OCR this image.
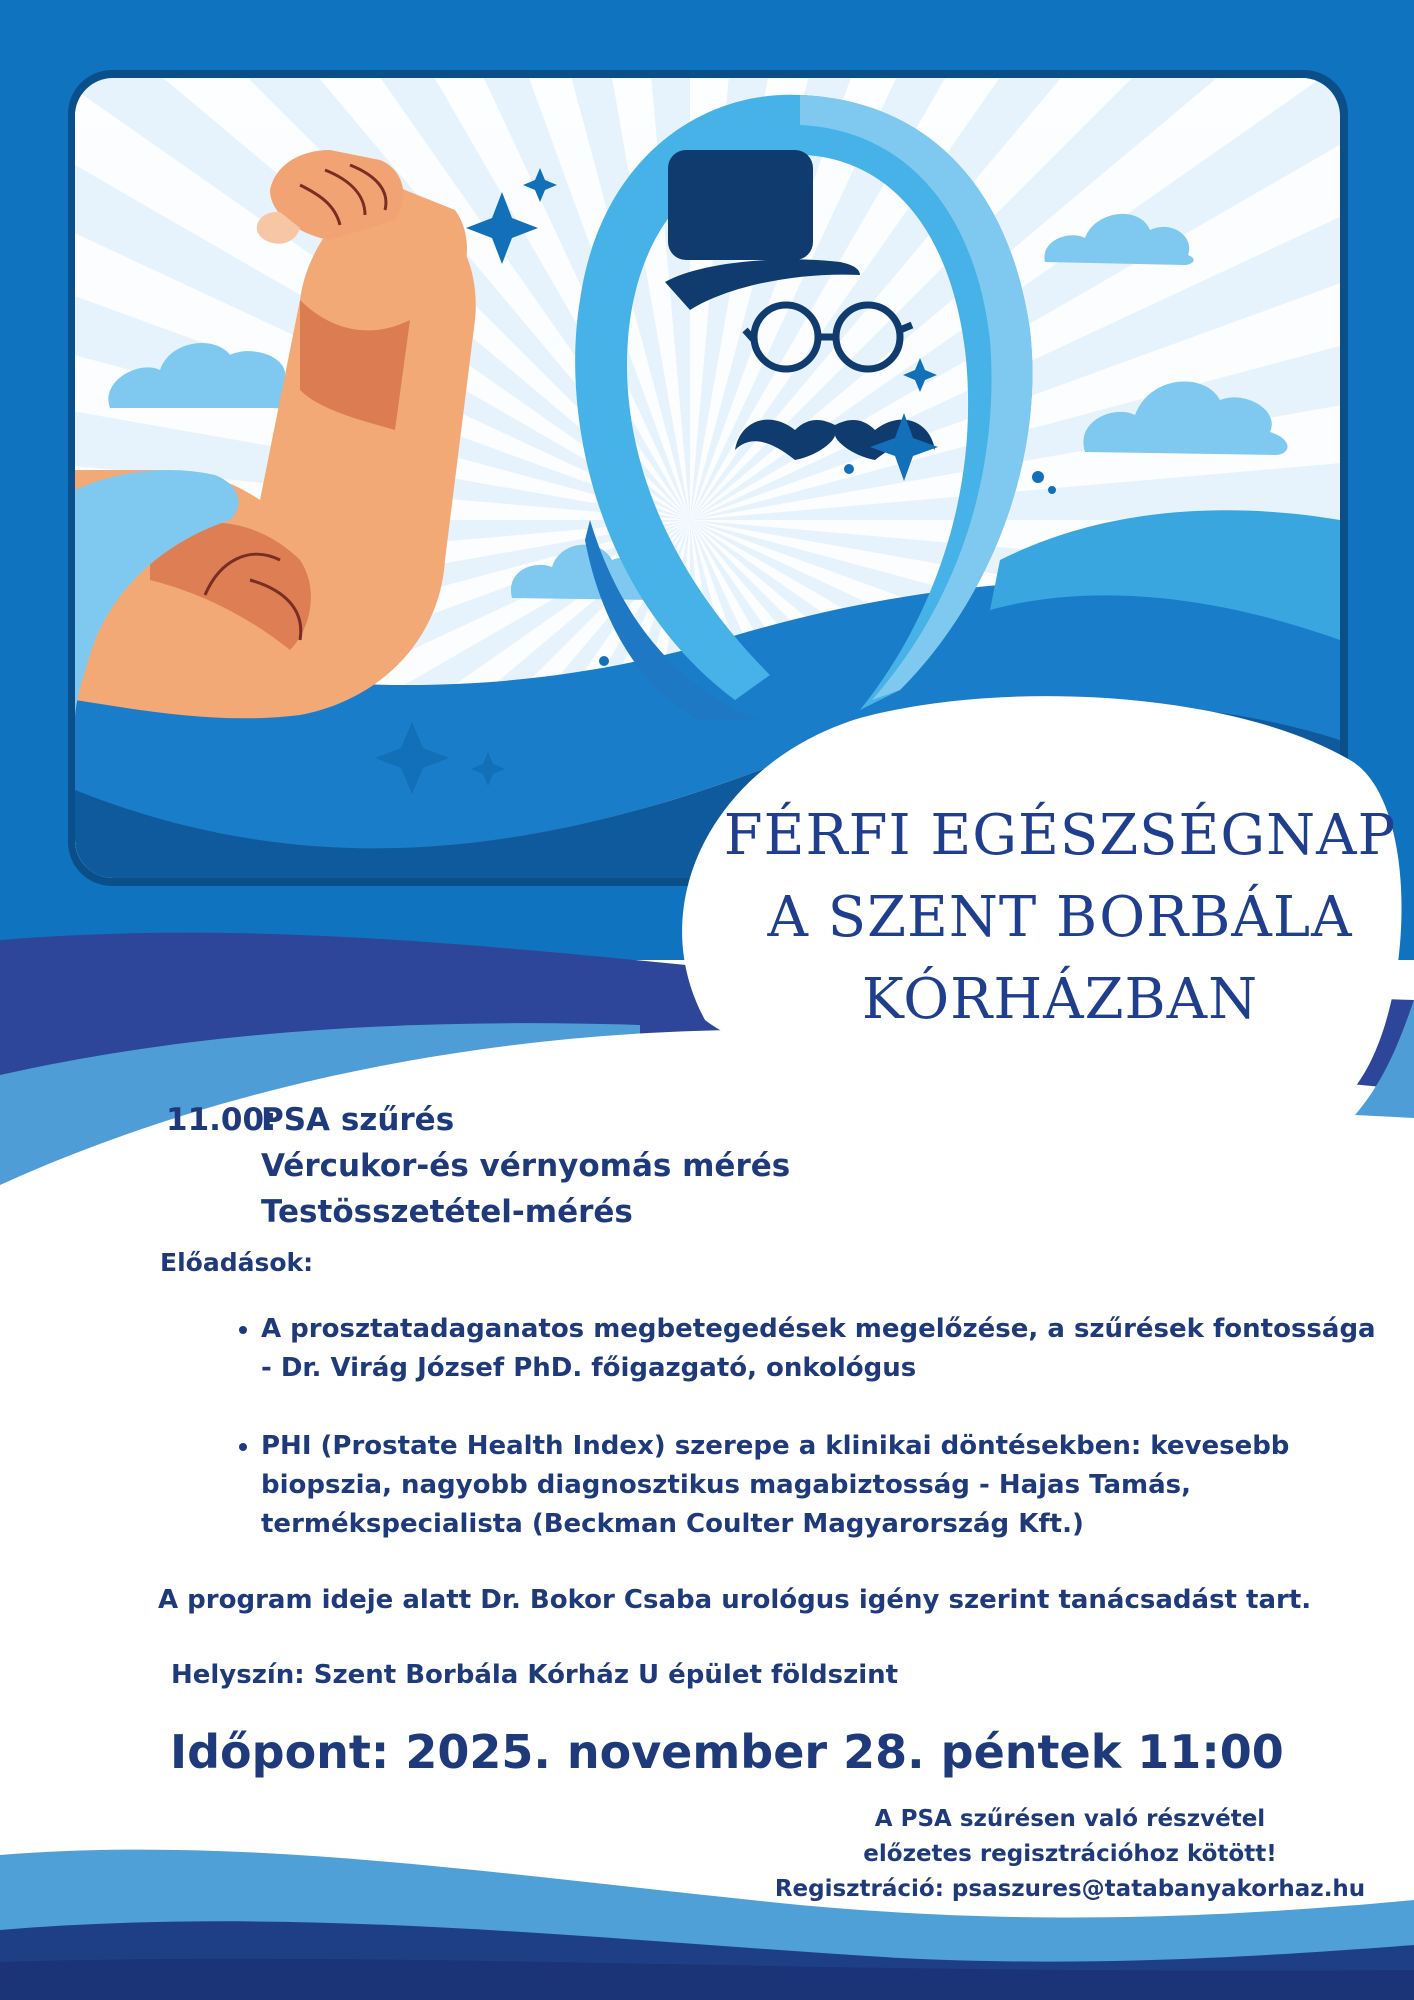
FÉRFI EGÉSZSÉGNAP
A SZENT BORBÁLA
KÓRHÁZBAN
11.00:
PSA szűrés
Vércukor-és vérnyomás mérés
Testösszetétel-mérés
Előadások:
• A prosztatadaganatos megbetegedések megelőzése, a szűrések fontossága - Dr. Virág József PhD. főigazgató, onkológus
• PHI (Prostate Health Index) szerepe a klinikai döntésekben: kevesebb biopszia, nagyobb diagnosztikus magabiztosság - Hajas Tamás, termékspecialista (Beckman Coulter Magyarország Kft.)
A program ideje alatt Dr. Bokor Csaba urológus igény szerint tanácsadást tart.
Helyszín: Szent Borbála Kórház U épület földszint
Időpont: 2025. november 28. péntek 11:00
A PSA szűrésen való részvétel
előzetes regisztrációhoz kötött!
Regisztráció: psaszures@tatabanyakorhaz.hu
